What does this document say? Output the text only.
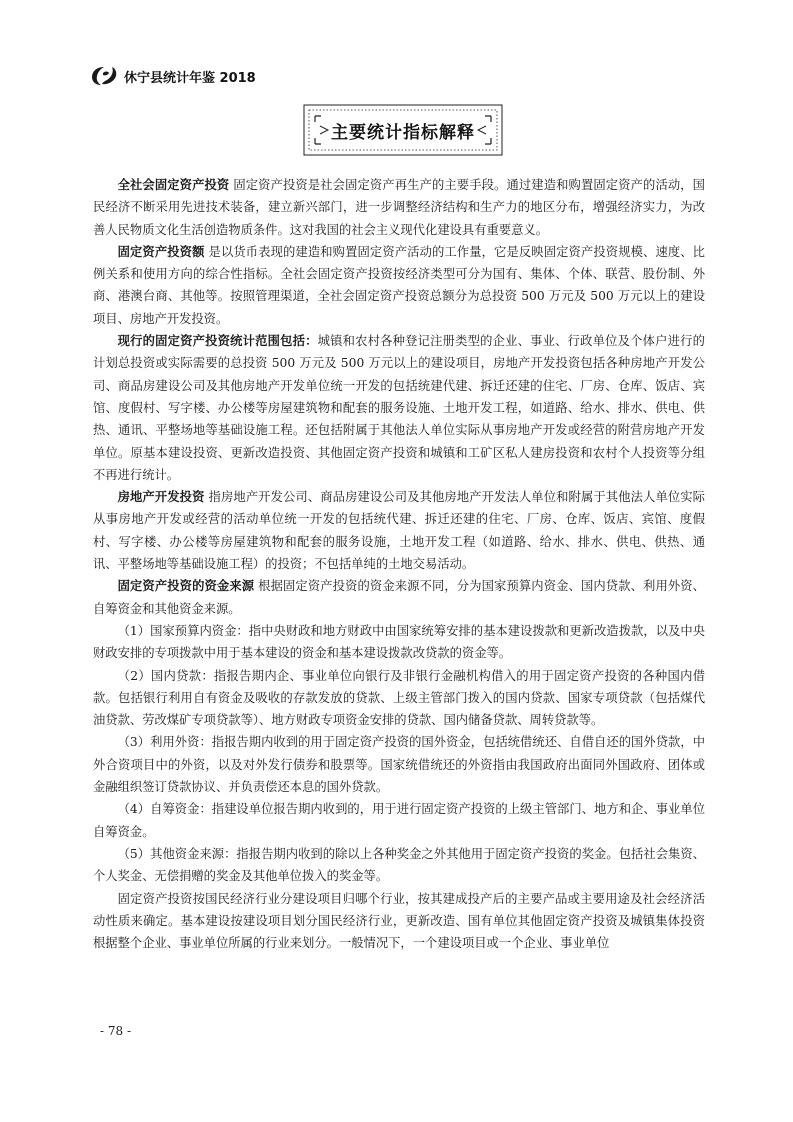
休宁县统计年鉴 2018
主要统计指标解释

全社会固定资产投资 固定资产投资是社会固定资产再生产的主要手段。通过建造和购置固定资产的活动，国民经济不断采用先进技术装备，建立新兴部门，进一步调整经济结构和生产力的地区分布，增强经济实力，为改善人民物质文化生活创造物质条件。这对我国的社会主义现代化建设具有重要意义。

固定资产投资额 是以货币表现的建造和购置固定资产活动的工作量，它是反映固定资产投资规模、速度、比例关系和使用方向的综合性指标。全社会固定资产投资按经济类型可分为国有、集体、个体、联营、股份制、外商、港澳台商、其他等。按照管理渠道，全社会固定资产投资总额分为总投资 500 万元及 500 万元以上的建设项目、房地产开发投资。

现行的固定资产投资统计范围包括：城镇和农村各种登记注册类型的企业、事业、行政单位及个体户进行的计划总投资或实际需要的总投资 500 万元及 500 万元以上的建设项目，房地产开发投资包括各种房地产开发公司、商品房建设公司及其他房地产开发单位统一开发的包括统建代建、拆迁还建的住宅、厂房、仓库、饭店、宾馆、度假村、写字楼、办公楼等房屋建筑物和配套的服务设施、土地开发工程，如道路、给水、排水、供电、供热、通讯、平整场地等基础设施工程。还包括附属于其他法人单位实际从事房地产开发或经营的附营房地产开发单位。原基本建设投资、更新改造投资、其他固定资产投资和城镇和工矿区私人建房投资和农村个人投资等分组不再进行统计。

房地产开发投资 指房地产开发公司、商品房建设公司及其他房地产开发法人单位和附属于其他法人单位实际从事房地产开发或经营的活动单位统一开发的包括统代建、拆迁还建的住宅、厂房、仓库、饭店、宾馆、度假村、写字楼、办公楼等房屋建筑物和配套的服务设施，土地开发工程（如道路、给水、排水、供电、供热、通讯、平整场地等基础设施工程）的投资；不包括单纯的土地交易活动。

固定资产投资的资金来源 根据固定资产投资的资金来源不同，分为国家预算内资金、国内贷款、利用外资、自筹资金和其他资金来源。

（1）国家预算内资金：指中央财政和地方财政中由国家统筹安排的基本建设拨款和更新改造拨款，以及中央财政安排的专项拨款中用于基本建设的资金和基本建设拨款改贷款的资金等。

（2）国内贷款：指报告期内企、事业单位向银行及非银行金融机构借入的用于固定资产投资的各种国内借款。包括银行利用自有资金及吸收的存款发放的贷款、上级主管部门拨入的国内贷款、国家专项贷款（包括煤代油贷款、劳改煤矿专项贷款等）、地方财政专项资金安排的贷款、国内储备贷款、周转贷款等。

（3）利用外资：指报告期内收到的用于固定资产投资的国外资金，包括统借统还、自借自还的国外贷款，中外合资项目中的外资，以及对外发行债券和股票等。国家统借统还的外资指由我国政府出面同外国政府、团体或金融组织签订贷款协议、并负责偿还本息的国外贷款。

（4）自筹资金：指建设单位报告期内收到的，用于进行固定资产投资的上级主管部门、地方和企、事业单位自筹资金。

（5）其他资金来源：指报告期内收到的除以上各种奖金之外其他用于固定资产投资的奖金。包括社会集资、个人奖金、无偿捐赠的奖金及其他单位拨入的奖金等。

固定资产投资按国民经济行业分建设项目归哪个行业，按其建成投产后的主要产品或主要用途及社会经济活动性质来确定。基本建设按建设项目划分国民经济行业，更新改造、国有单位其他固定资产投资及城镇集体投资根据整个企业、事业单位所属的行业来划分。一般情况下，一个建设项目或一个企业、事业单位

- 78 -
